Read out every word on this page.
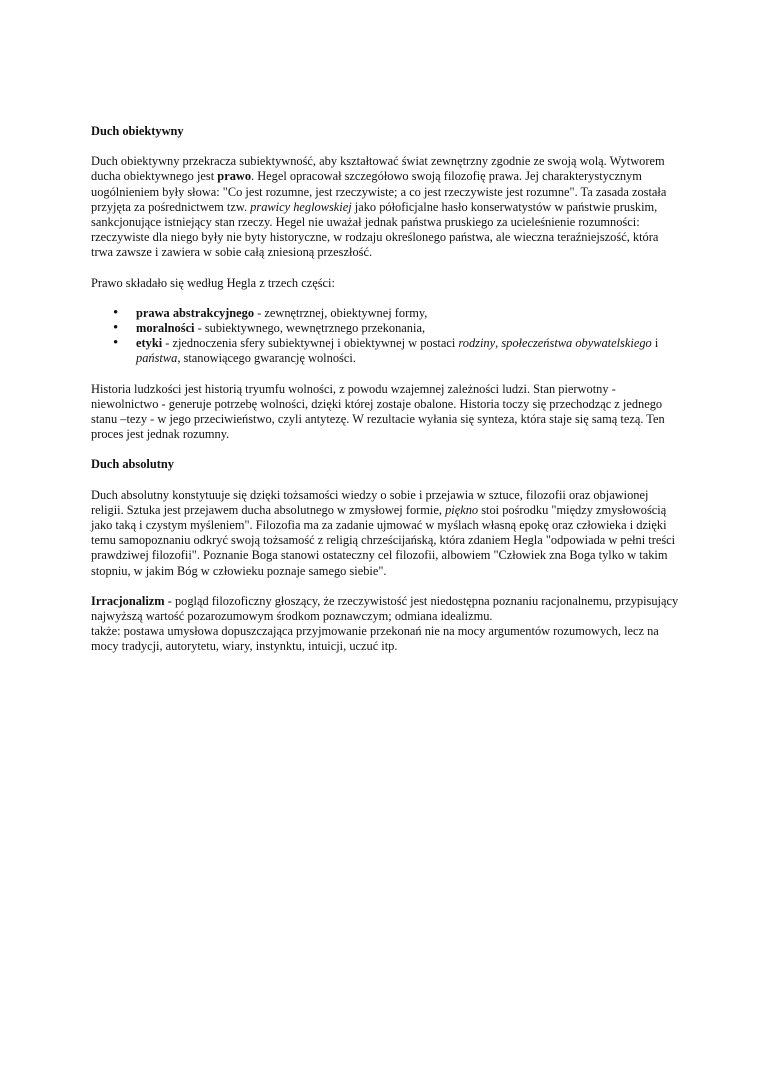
Duch obiektywny

Duch obiektywny przekracza subiektywność, aby kształtować świat zewnętrzny zgodnie ze swoją wolą. Wytworem ducha obiektywnego jest prawo. Hegel opracował szczegółowo swoją filozofię prawa. Jej charakterystycznym uogólnieniem były słowa: "Co jest rozumne, jest rzeczywiste; a co jest rzeczywiste jest rozumne". Ta zasada została przyjęta za pośrednictwem tzw. prawicy heglowskiej jako półoficjalne hasło konserwatystów w państwie pruskim, sankcjonujące istniejący stan rzeczy. Hegel nie uważał jednak państwa pruskiego za ucieleśnienie rozumności: rzeczywiste dla niego były nie byty historyczne, w rodzaju określonego państwa, ale wieczna teraźniejszość, która trwa zawsze i zawiera w sobie całą zniesioną przeszłość.

Prawo składało się według Hegla z trzech części:

• prawa abstrakcyjnego - zewnętrznej, obiektywnej formy,
• moralności - subiektywnego, wewnętrznego przekonania,
• etyki - zjednoczenia sfery subiektywnej i obiektywnej w postaci rodziny, społeczeństwa obywatelskiego i państwa, stanowiącego gwarancję wolności.

Historia ludzkości jest historią tryumfu wolności, z powodu wzajemnej zależności ludzi. Stan pierwotny - niewolnictwo - generuje potrzebę wolności, dzięki której zostaje obalone. Historia toczy się przechodząc z jednego stanu –tezy - w jego przeciwieństwo, czyli antytezę. W rezultacie wyłania się synteza, która staje się samą tezą. Ten proces jest jednak rozumny.

Duch absolutny

Duch absolutny konstytuuje się dzięki tożsamości wiedzy o sobie i przejawia w sztuce, filozofii oraz objawionej religii. Sztuka jest przejawem ducha absolutnego w zmysłowej formie, piękno stoi pośrodku "między zmysłowością jako taką i czystym myśleniem". Filozofia ma za zadanie ujmować w myślach własną epokę oraz człowieka i dzięki temu samopoznaniu odkryć swoją tożsamość z religią chrześcijańską, która zdaniem Hegla "odpowiada w pełni treści prawdziwej filozofii". Poznanie Boga stanowi ostateczny cel filozofii, albowiem "Człowiek zna Boga tylko w takim stopniu, w jakim Bóg w człowieku poznaje samego siebie".

Irracjonalizm - pogląd filozoficzny głoszący, że rzeczywistość jest niedostępna poznaniu racjonalnemu, przypisujący najwyższą wartość pozarozumowym środkom poznawczym; odmiana idealizmu.

także: postawa umysłowa dopuszczająca przyjmowanie przekonań nie na mocy argumentów rozumowych, lecz na mocy tradycji, autorytetu, wiary, instynktu, intuicji, uczuć itp.
